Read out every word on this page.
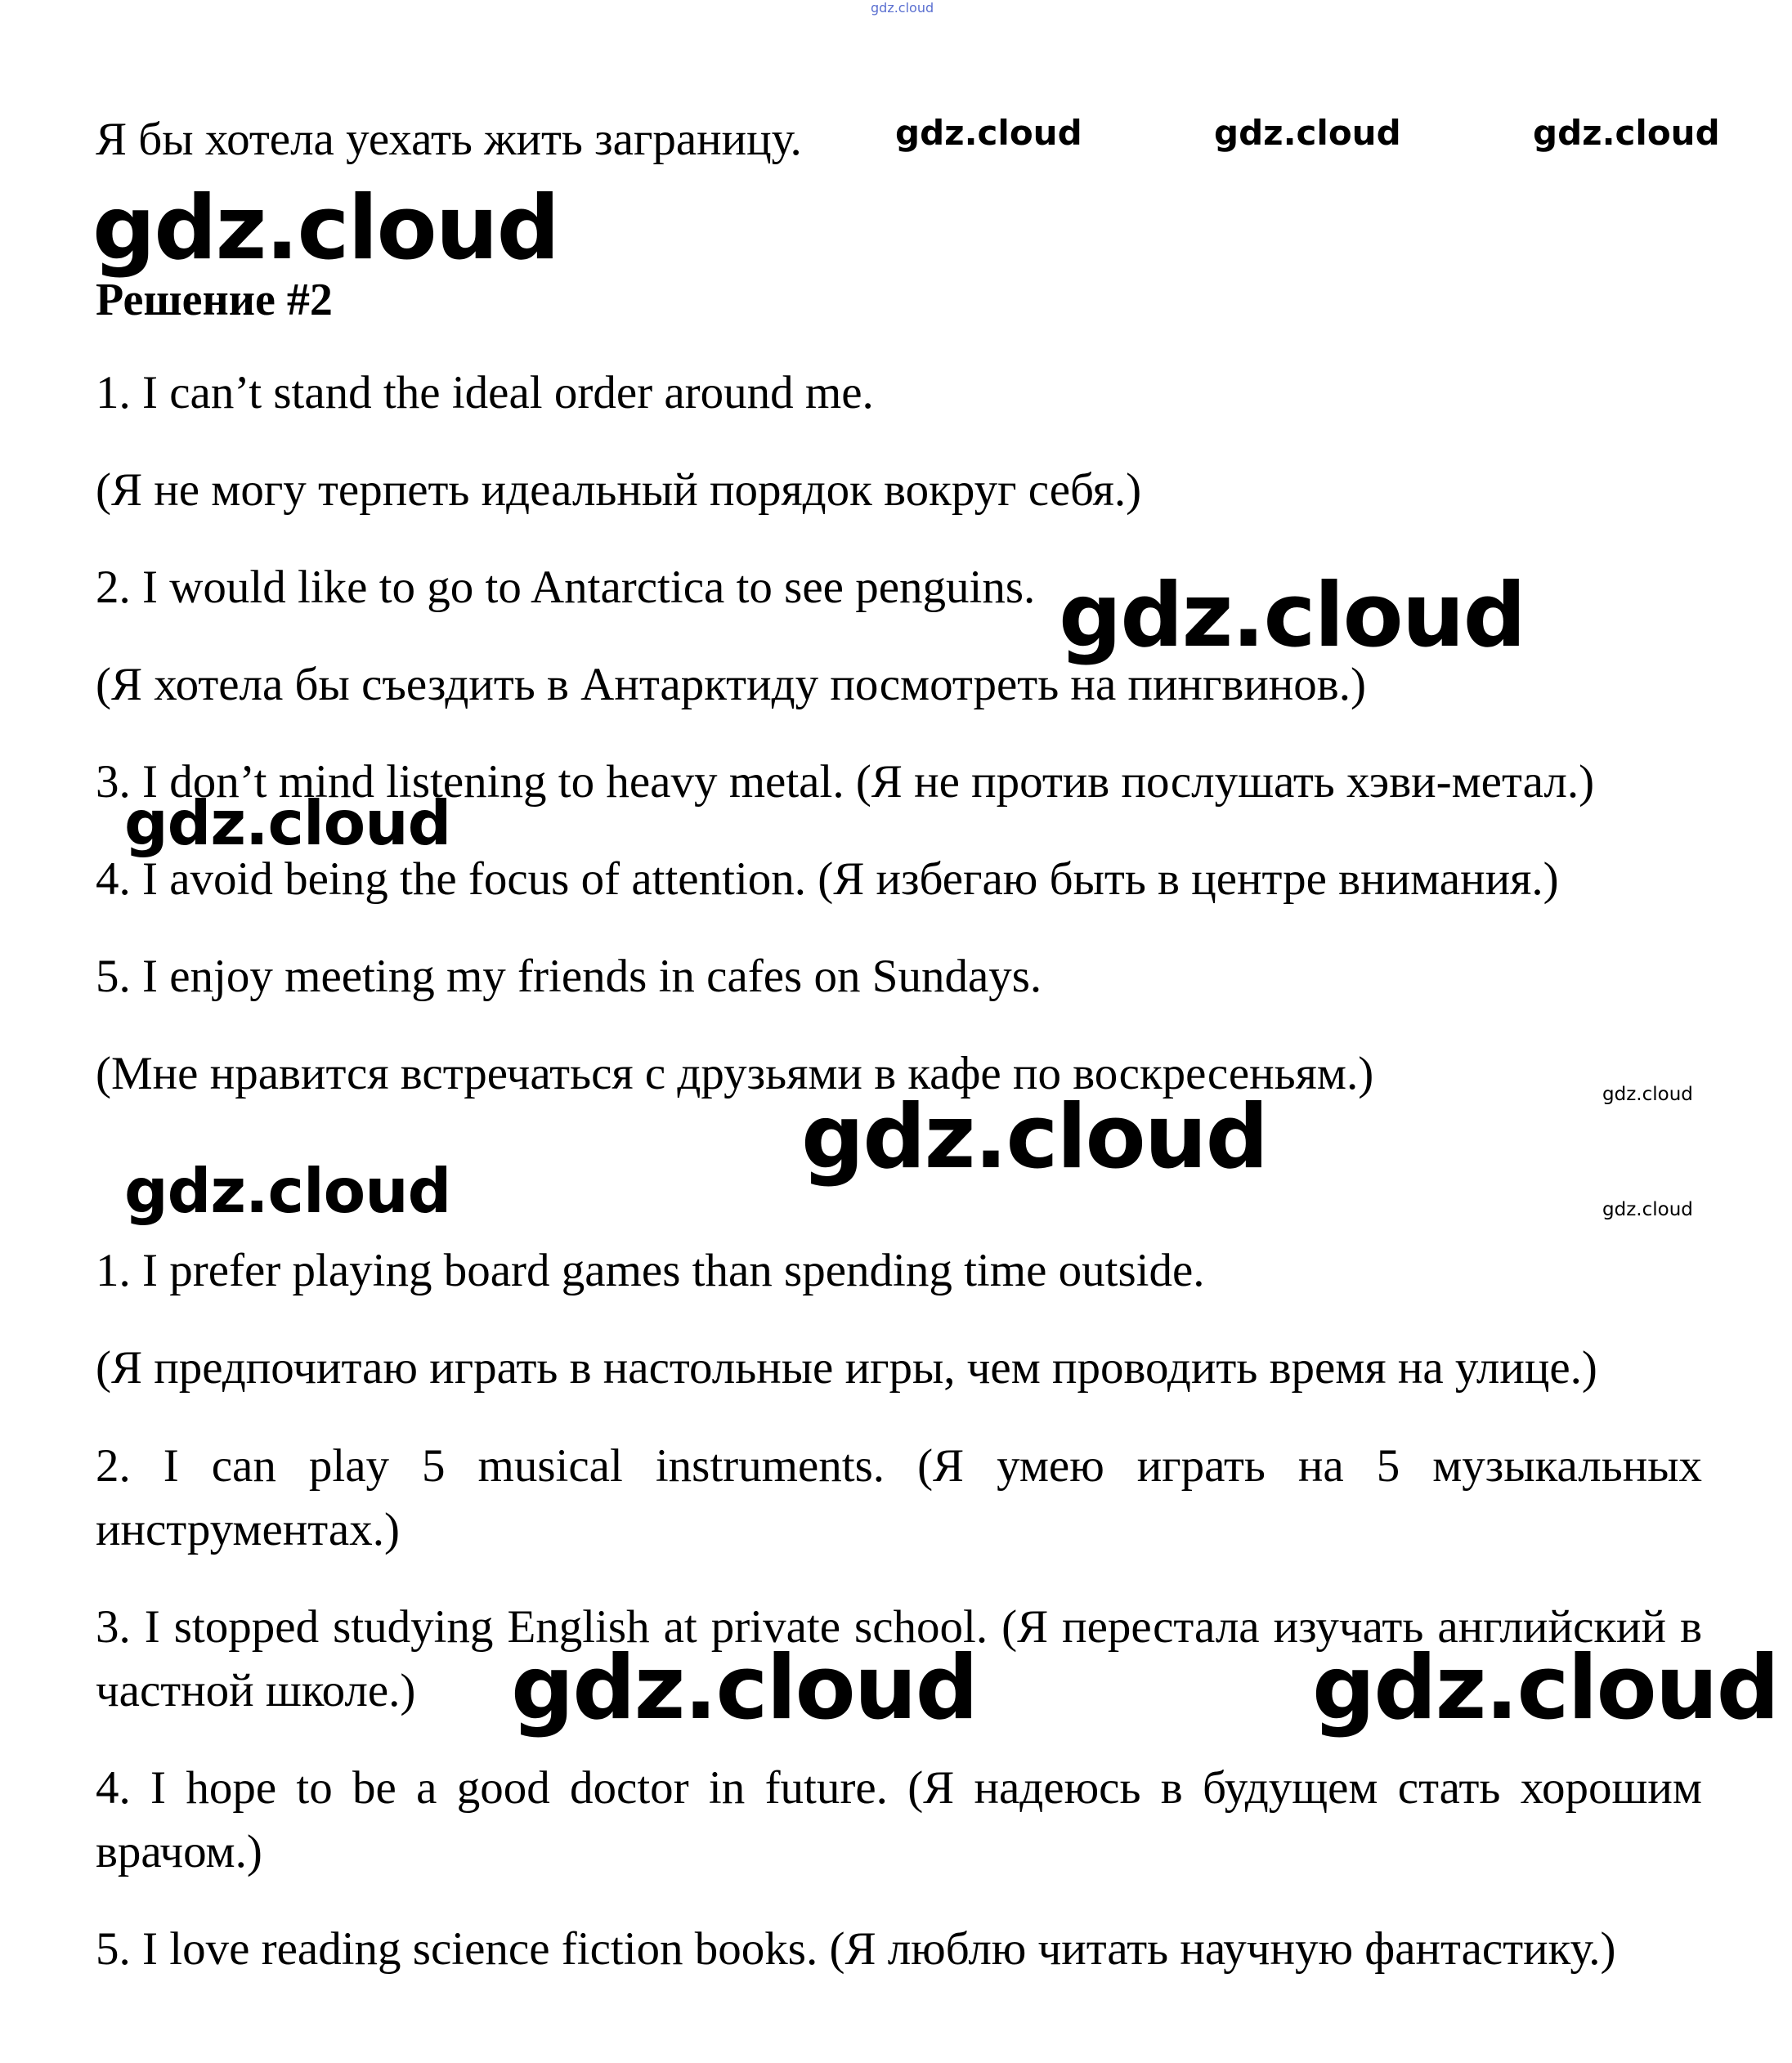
gdz.cloud

Я бы хотела уехать жить заграницу.	gdz.cloud	gdz.cloud	gdz.cloud
gdz.cloud

Решение #2

1. I can’t stand the ideal order around me.

(Я не могу терпеть идеальный порядок вокруг себя.)

2. I would like to go to Antarctica to see penguins.

(Я хотела бы съездить в Антарктиду посмотреть на пингвинов.)

3. I don’t mind listening to heavy metal. (Я не против послушать хэви-метал.)

4. I avoid being the focus of attention. (Я избегаю быть в центре внимания.)

5. I enjoy meeting my friends in cafes on Sundays.

(Мне нравится встречаться с друзьями в кафе по воскресеньям.)

gdz.cloud
gdz.cloud
gdz.cloud
gdz.cloud
gdz.cloud	gdz.cloud

1. I prefer playing board games than spending time outside.

(Я предпочитаю играть в настольные игры, чем проводить время на улице.)

2. I can play 5 musical instruments. (Я умею играть на 5 музыкальных инструментах.)

3. I stopped studying English at private school. (Я перестала изучать английский в частной школе.)

4. I hope to be a good doctor in future. (Я надеюсь в будущем стать хорошим врачом.)

5. I love reading science fiction books. (Я люблю читать научную фантастику.)

gdz.cloud	gdz.cloud
